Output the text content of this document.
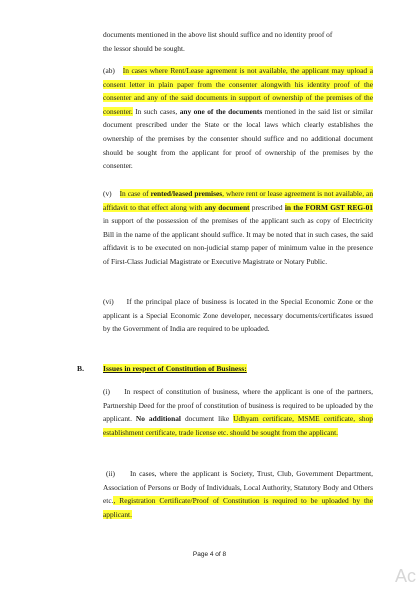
documents mentioned in the above list should suffice and no identity proof of
the lessor should be sought.
(ab) In cases where Rent/Lease agreement is not available, the applicant may upload a consent letter in plain paper from the consenter alongwith his identity proof of the consenter and any of the said documents in support of ownership of the premises of the consenter. In such cases, any one of the documents mentioned in the said list or similar document prescribed under the State or the local laws which clearly establishes the ownership of the premises by the consenter should suffice and no additional document should be sought from the applicant for proof of ownership of the premises by the consenter.
(v) In case of rented/leased premises, where rent or lease agreement is not available, an affidavit to that effect along with any document prescribed in the FORM GST REG-01 in support of the possession of the premises of the applicant such as copy of Electricity Bill in the name of the applicant should suffice. It may be noted that in such cases, the said affidavit is to be executed on non-judicial stamp paper of minimum value in the presence of First-Class Judicial Magistrate or Executive Magistrate or Notary Public.
(vi) If the principal place of business is located in the Special Economic Zone or the applicant is a Special Economic Zone developer, necessary documents/certificates issued by the Government of India are required to be uploaded.
B.	Issues in respect of Constitution of Business:
(i) In respect of constitution of business, where the applicant is one of the partners, Partnership Deed for the proof of constitution of business is required to be uploaded by the applicant. No additional document like Udhyam certificate, MSME certificate, shop establishment certificate, trade license etc. should be sought from the applicant.
(ii) In cases, where the applicant is Society, Trust, Club, Government Department, Association of Persons or Body of Individuals, Local Authority, Statutory Body and Others etc., Registration Certificate/Proof of Constitution is required to be uploaded by the applicant.
Page 4 of 8
Ac
